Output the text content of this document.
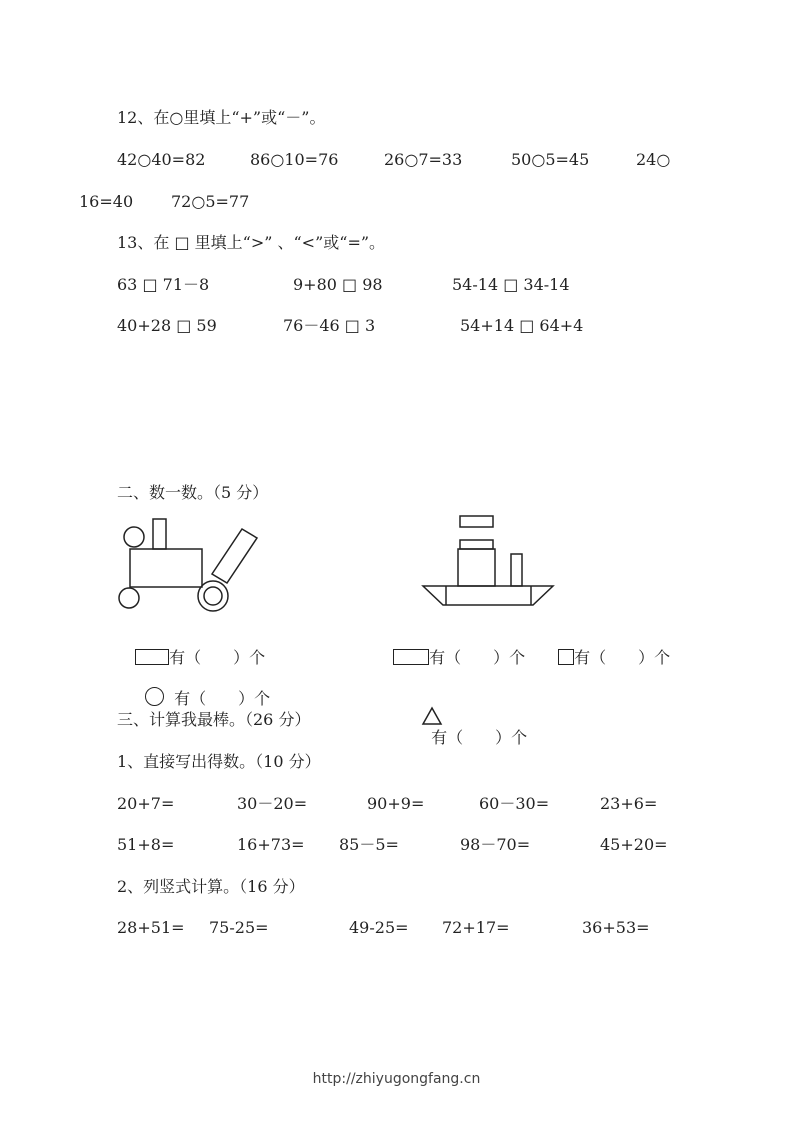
12、在○里填上“+”或“－”。
42○40=82	86○10=76	26○7=33	50○5=45	24○
16=40 72○5=77
13、在 □ 里填上“>” 、“<”或“=”。
63 □ 71－8	9+80 □ 98	54-14 □ 34-14
40+28 □ 59	76－46 □ 3	54+14 □ 64+4
二、数一数。（5 分）

有（　　）个

有（　　）个

有（　　）个	有（　　）个

有（　　）个

三、计算我最棒。（26 分）
1、直接写出得数。（10 分）
20+7=	30－20=	90+9=	60－30=	23+6=
51+8=	16+73= 85－5=	98－70=	45+20=
2、列竖式计算。（16 分）
28+51= 75-25=	49-25= 72+17=	36+53=
http://zhiyugongfang.cn
